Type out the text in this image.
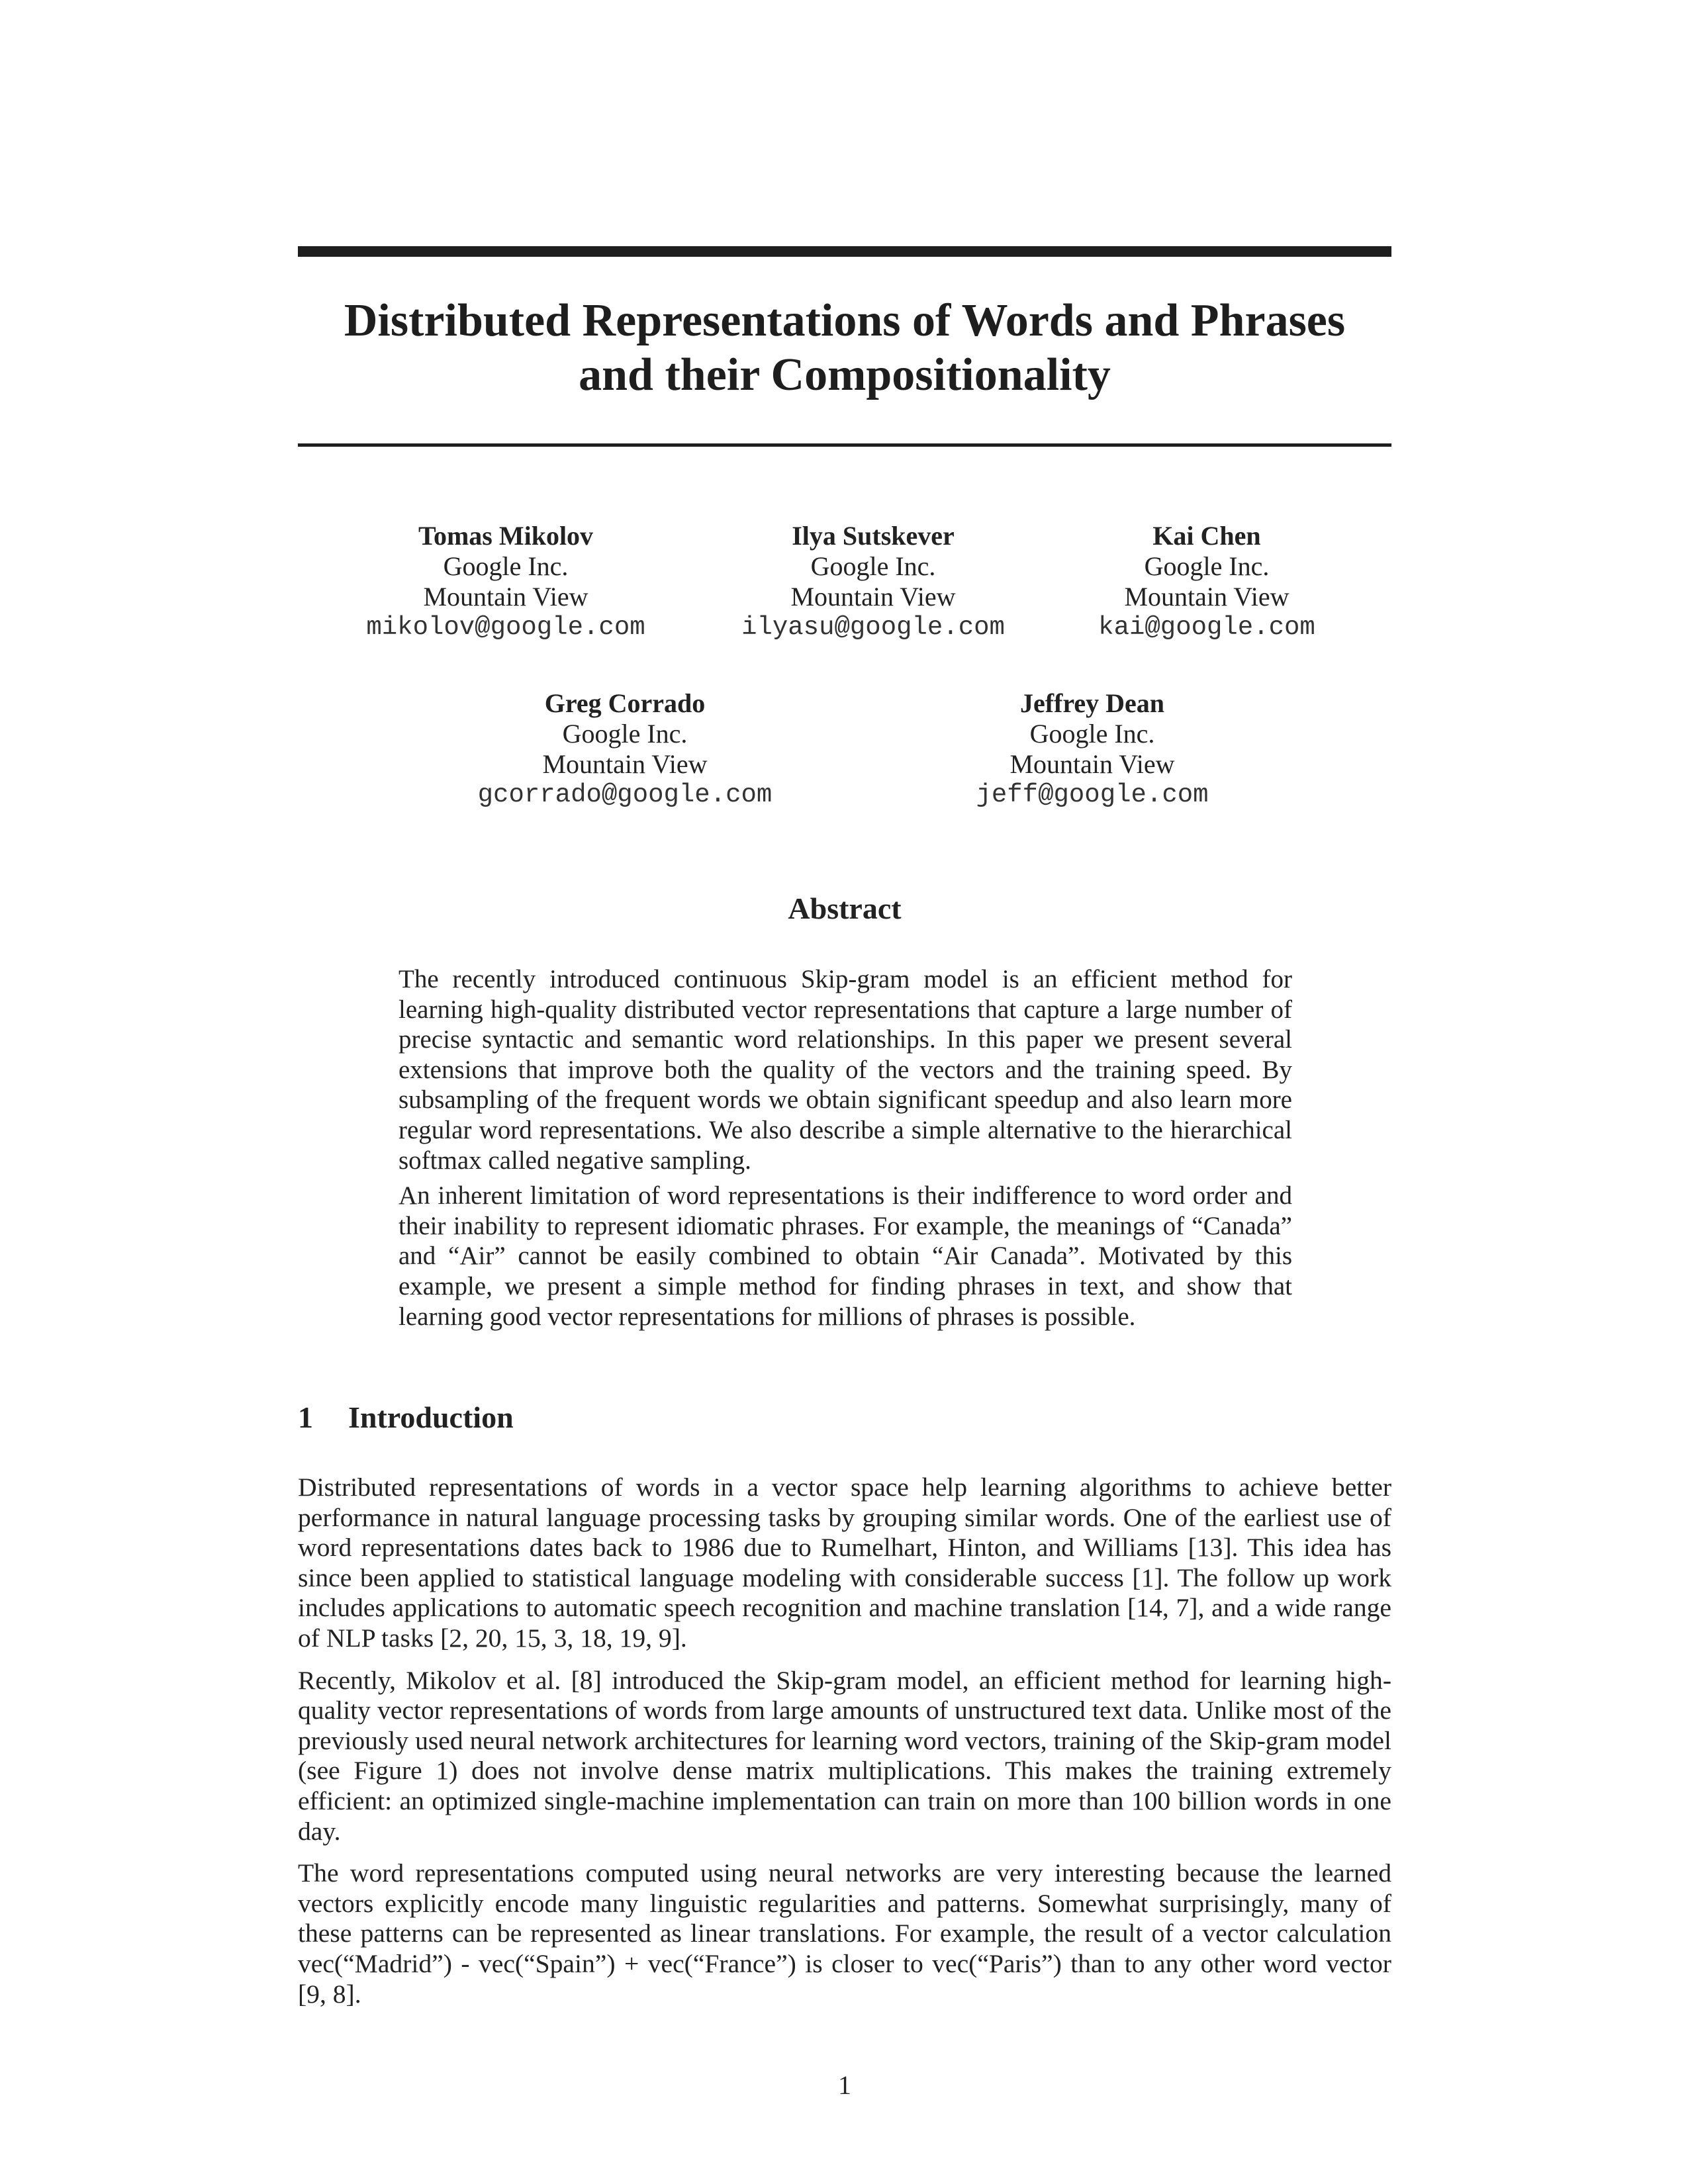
Distributed Representations of Words and Phrases
and their Compositionality
Tomas Mikolov
Google Inc.
Mountain View
mikolov@google.com
Ilya Sutskever
Google Inc.
Mountain View
ilyasu@google.com
Kai Chen
Google Inc.
Mountain View
kai@google.com
Greg Corrado
Google Inc.
Mountain View
gcorrado@google.com
Jeffrey Dean
Google Inc.
Mountain View
jeff@google.com
Abstract

The recently introduced continuous Skip-gram model is an efficient method for learning high-quality distributed vector representations that capture a large number of precise syntactic and semantic word relationships. In this paper we present several extensions that improve both the quality of the vectors and the training speed. By subsampling of the frequent words we obtain significant speedup and also learn more regular word representations. We also describe a simple alternative to the hierarchical softmax called negative sampling.

An inherent limitation of word representations is their indifference to word order and their inability to represent idiomatic phrases. For example, the meanings of “Canada” and “Air” cannot be easily combined to obtain “Air Canada”. Motivated by this example, we present a simple method for finding phrases in text, and show that learning good vector representations for millions of phrases is possible.

1 Introduction

Distributed representations of words in a vector space help learning algorithms to achieve better performance in natural language processing tasks by grouping similar words. One of the earliest use of word representations dates back to 1986 due to Rumelhart, Hinton, and Williams [13]. This idea has since been applied to statistical language modeling with considerable success [1]. The follow up work includes applications to automatic speech recognition and machine translation [14, 7], and a wide range of NLP tasks [2, 20, 15, 3, 18, 19, 9].

Recently, Mikolov et al. [8] introduced the Skip-gram model, an efficient method for learning high-quality vector representations of words from large amounts of unstructured text data. Unlike most of the previously used neural network architectures for learning word vectors, training of the Skip-gram model (see Figure 1) does not involve dense matrix multiplications. This makes the training extremely efficient: an optimized single-machine implementation can train on more than 100 billion words in one day.

The word representations computed using neural networks are very interesting because the learned vectors explicitly encode many linguistic regularities and patterns. Somewhat surprisingly, many of these patterns can be represented as linear translations. For example, the result of a vector calculation vec(“Madrid”) - vec(“Spain”) + vec(“France”) is closer to vec(“Paris”) than to any other word vector [9, 8].

1
